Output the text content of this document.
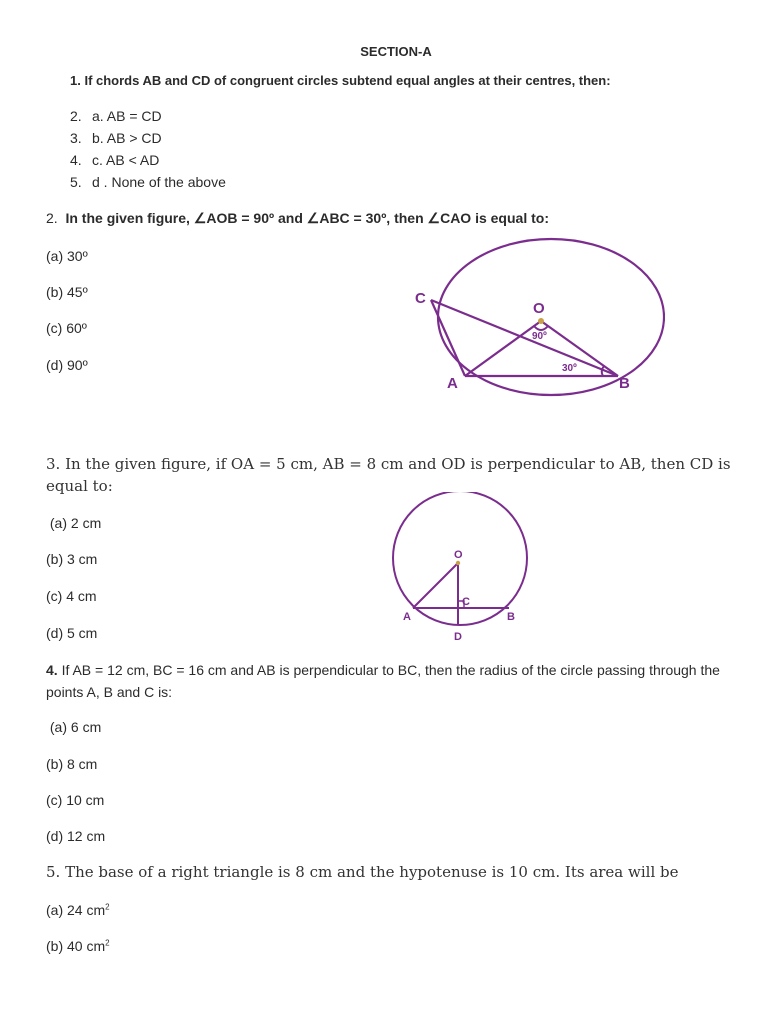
SECTION-A
1. If chords AB and CD of congruent circles subtend equal angles at their centres, then:
2. a. AB = CD
3. b. AB > CD
4. c. AB < AD
5. d . None of the above
2. In the given figure, ∠AOB = 90º and ∠ABC = 30º, then ∠CAO is equal to:
(a) 30º
(b) 45º
(c) 60º
(d) 90º
C
O
A	B
90º
30º
3. In the given figure, if OA = 5 cm, AB = 8 cm and OD is perpendicular to AB, then CD is equal to:
(a) 2 cm
(b) 3 cm
(c) 4 cm
(d) 5 cm
O
C
A	B
D
4. If AB = 12 cm, BC = 16 cm and AB is perpendicular to BC, then the radius of the circle passing through the points A, B and C is:
(a) 6 cm
(b) 8 cm
(c) 10 cm
(d) 12 cm
5. The base of a right triangle is 8 cm and the hypotenuse is 10 cm. Its area will be
(a) 24 $cm^2$
(b) 40 $cm^2$
